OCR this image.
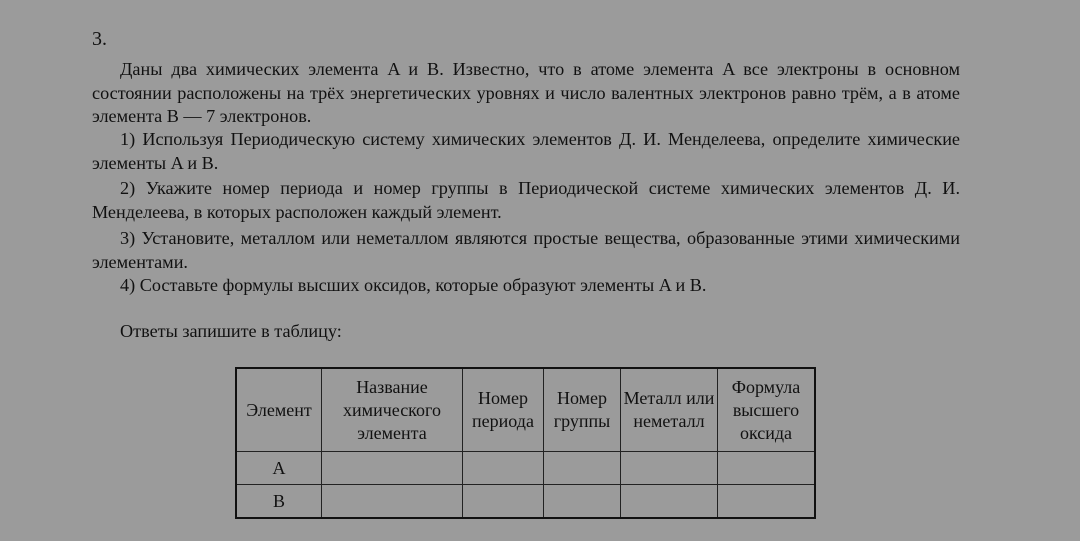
3.
Даны два химических элемента A и B. Известно, что в атоме элемента A все электроны в основном состоянии расположены на трёх энергетических уровнях и число валентных электронов равно трём, а в атоме элемента B — 7 электронов.
1) Используя Периодическую систему химических элементов Д. И. Менделеева, определите химические элементы A и B.
2) Укажите номер периода и номер группы в Периодической системе химических элементов Д. И. Менделеева, в которых расположен каждый элемент.
3) Установите, металлом или неметаллом являются простые вещества, образованные этими химическими элементами.
4) Составьте формулы высших оксидов, которые образуют элементы A и B.
Ответы запишите в таблицу:
Элемент	Название химического элемента	Номер периода	Номер группы	Металл или неметалл	Формула высшего оксида
A					
B					
